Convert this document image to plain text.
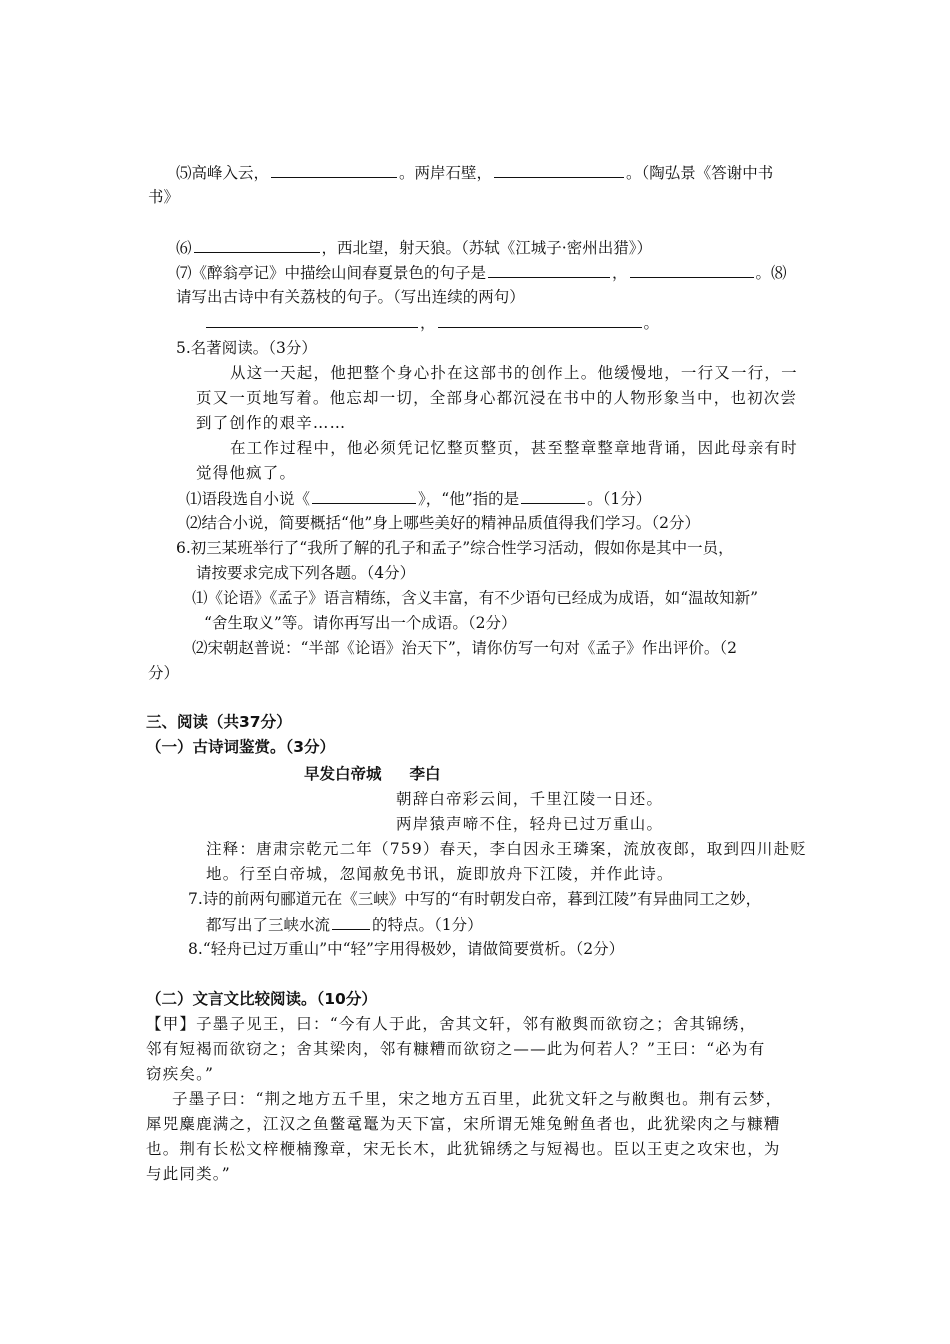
⑸高峰入云，	。两岸石壁，	。（陶弘景《答谢中书
书》
⑹	，西北望，射天狼。（苏轼《江城子·密州出猎》）
⑺《醉翁亭记》中描绘山间春夏景色的句子是	，	。⑻
请写出古诗中有关荔枝的句子。（写出连续的两句）
，	。
5.名著阅读。（3分）
从这一天起，他把整个身心扑在这部书的创作上。他缓慢地，一行又一行，一
页又一页地写着。他忘却一切，全部身心都沉浸在书中的人物形象当中，也初次尝
到了创作的艰辛……
在工作过程中，他必须凭记忆整页整页，甚至整章整章地背诵，因此母亲有时
觉得他疯了。
⑴语段选自小说《	》，“他”指的是	。（1分）
⑵结合小说，简要概括“他”身上哪些美好的精神品质值得我们学习。（2分）
6.初三某班举行了“我所了解的孔子和孟子”综合性学习活动，假如你是其中一员，
请按要求完成下列各题。（4分）
⑴《论语》《孟子》语言精练，含义丰富，有不少语句已经成为成语，如“温故知新”
“舍生取义”等。请你再写出一个成语。（2分）
⑵宋朝赵普说：“半部《论语》治天下”，请你仿写一句对《孟子》作出评价。（2
分）
三、阅读（共37分）
（一）古诗词鉴赏。（3分）
早发白帝城 李白
朝辞白帝彩云间，千里江陵一日还。
两岸猿声啼不住，轻舟已过万重山。
注释：唐肃宗乾元二年（759）春天，李白因永王璘案，流放夜郎，取到四川赴贬
地。行至白帝城，忽闻赦免书讯，旋即放舟下江陵，并作此诗。
7.诗的前两句郦道元在《三峡》中写的“有时朝发白帝，暮到江陵”有异曲同工之妙，
都写出了三峡水流	的特点。（1分）
8.“轻舟已过万重山”中“轻”字用得极妙，请做简要赏析。（2分）
（二）文言文比较阅读。（10分）
【甲】子墨子见王，曰：“今有人于此，舍其文轩，邻有敝舆而欲窃之；舍其锦绣，
邻有短褐而欲窃之；舍其梁肉，邻有糠糟而欲窃之——此为何若人？”王曰：“必为有
窃疾矣。”
子墨子曰：“荆之地方五千里，宋之地方五百里，此犹文轩之与敝舆也。荆有云梦，
犀兕麋鹿满之，江汉之鱼鳖鼋鼍为天下富，宋所谓无雉兔鲋鱼者也，此犹梁肉之与糠糟
也。荆有长松文梓楩楠豫章，宋无长木，此犹锦绣之与短褐也。臣以王吏之攻宋也，为
与此同类。”
